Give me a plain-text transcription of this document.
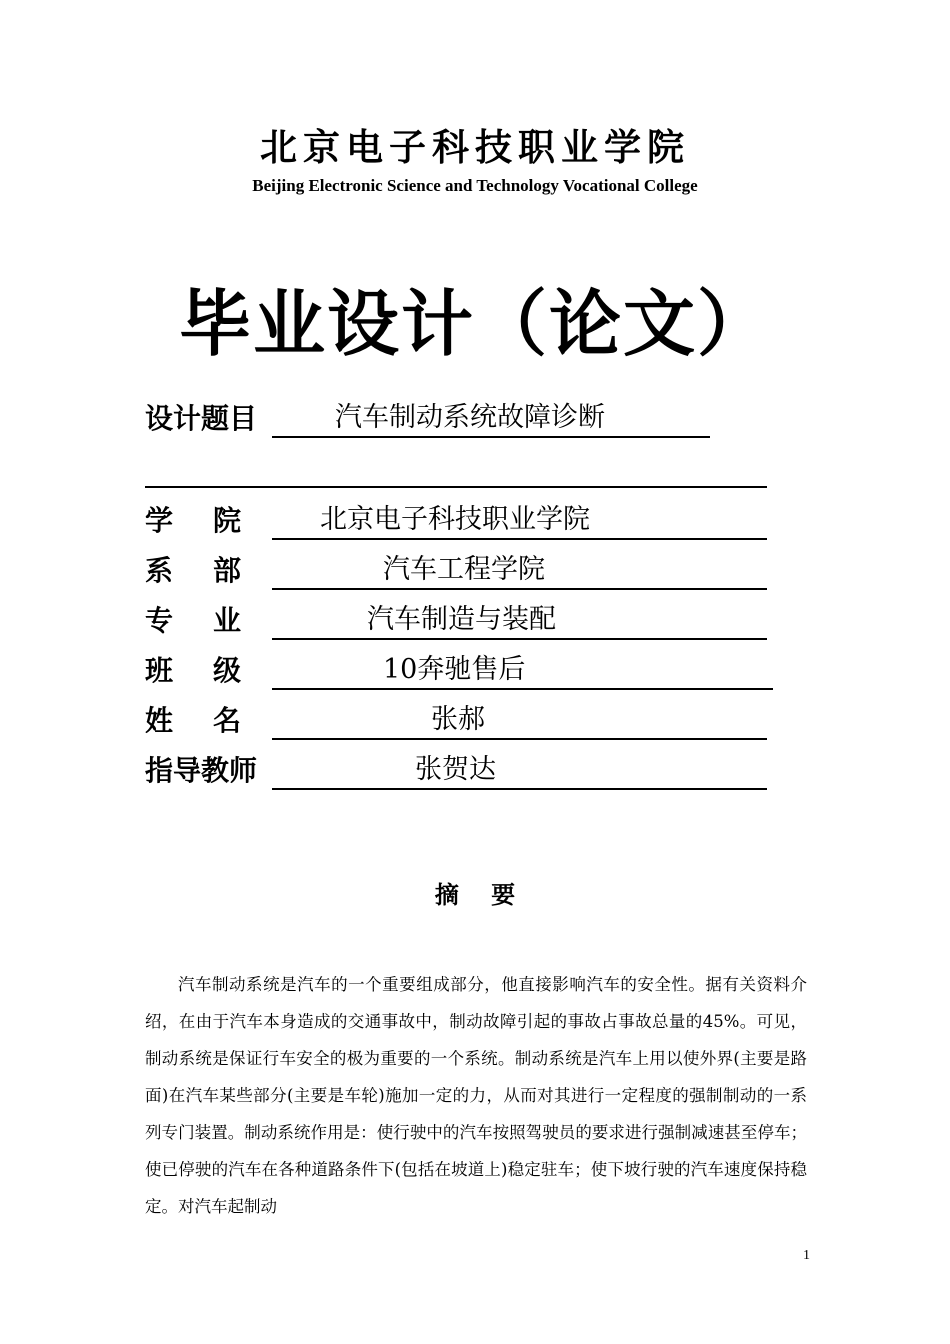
北京电子科技职业学院
Beijing Electronic Science and Technology Vocational College
毕业设计（论文）
设计题目	汽车制动系统故障诊断
学 院	北京电子科技职业学院
系 部	汽车工程学院
专 业	汽车制造与装配
班 级	10奔驰售后
姓 名	张郝
指导教师	张贺达
摘 要

汽车制动系统是汽车的一个重要组成部分，他直接影响汽车的安全性。据有关资料介绍，在由于汽车本身造成的交通事故中，制动故障引起的事故占事故总量的45%。可见，制动系统是保证行车安全的极为重要的一个系统。制动系统是汽车上用以使外界(主要是路面)在汽车某些部分(主要是车轮)施加一定的力，从而对其进行一定程度的强制制动的一系列专门装置。制动系统作用是：使行驶中的汽车按照驾驶员的要求进行强制减速甚至停车；使已停驶的汽车在各种道路条件下(包括在坡道上)稳定驻车；使下坡行驶的汽车速度保持稳定。对汽车起制动

1
